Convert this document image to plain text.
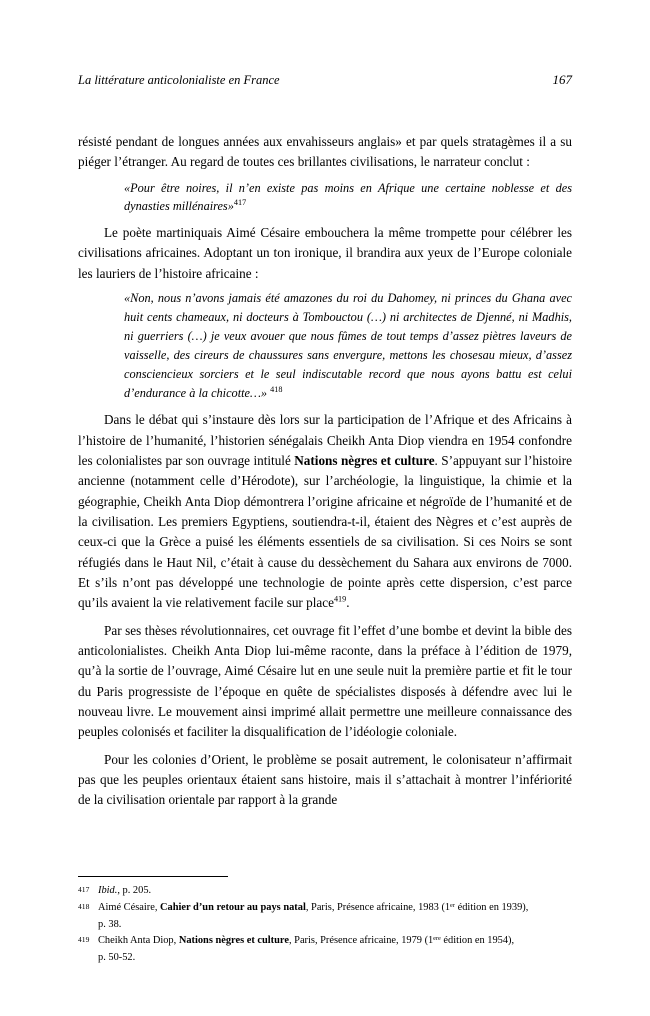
La littérature anticolonialiste en France	167

résisté pendant de longues années aux envahisseurs anglais» et par quels stratagèmes il a su piéger l’étranger. Au regard de toutes ces brillantes civilisations, le narrateur conclut :

«Pour être noires, il n’en existe pas moins en Afrique une certaine noblesse et des dynasties millénaires»$^{417}$

Le poète martiniquais Aimé Césaire embouchera la même trompette pour célébrer les civilisations africaines. Adoptant un ton ironique, il brandira aux yeux de l’Europe coloniale les lauriers de l’histoire africaine :

«Non, nous n’avons jamais été amazones du roi du Dahomey, ni princes du Ghana avec huit cents chameaux, ni docteurs à Tombouctou (…) ni architectes de Djenné, ni Madhis, ni guerriers (…) je veux avouer que nous fûmes de tout temps d’assez piètres laveurs de vaisselle, des cireurs de chaussures sans envergure, mettons les chosesau mieux, d’assez consciencieux sorciers et le seul indiscutable record que nous ayons battu est celui d’endurance à la chicotte…» $^{418}$

Dans le débat qui s’instaure dès lors sur la participation de l’Afrique et des Africains à l’histoire de l’humanité, l’historien sénégalais Cheikh Anta Diop viendra en 1954 confondre les colonialistes par son ouvrage intitulé Nations nègres et culture. S’appuyant sur l’histoire ancienne (notamment celle d’Hérodote), sur l’archéologie, la linguistique, la chimie et la géographie, Cheikh Anta Diop démontrera l’origine africaine et négroïde de l’humanité et de la civilisation. Les premiers Egyptiens, soutiendra-t-il, étaient des Nègres et c’est auprès de ceux-ci que la Grèce a puisé les éléments essentiels de sa civilisation. Si ces Noirs se sont réfugiés dans le Haut Nil, c’était à cause du dessèchement du Sahara aux environs de 7000. Et s’ils n’ont pas développé une technologie de pointe après cette dispersion, c’est parce qu’ils avaient la vie relativement facile sur place$^{419}$.

Par ses thèses révolutionnaires, cet ouvrage fit l’effet d’une bombe et devint la bible des anticolonialistes. Cheikh Anta Diop lui-même raconte, dans la préface à l’édition de 1979, qu’à la sortie de l’ouvrage, Aimé Césaire lut en une seule nuit la première partie et fit le tour du Paris progressiste de l’époque en quête de spécialistes disposés à défendre avec lui le nouveau livre. Le mouvement ainsi imprimé allait permettre une meilleure connaissance des peuples colonisés et faciliter la disqualification de l’idéologie coloniale.

Pour les colonies d’Orient, le problème se posait autrement, le colonisateur n’affirmait pas que les peuples orientaux étaient sans histoire, mais il s’attachait à montrer l’infériorité de la civilisation orientale par rapport à la grande

417 Ibid., p. 205.
418 Aimé Césaire, Cahier d’un retour au pays natal, Paris, Présence africaine, 1983 (1ᵉʳ édition en 1939),
p. 38.
419 Cheikh Anta Diop, Nations nègres et culture, Paris, Présence africaine, 1979 (1ᵉʳᵉ édition en 1954),
p. 50-52.
